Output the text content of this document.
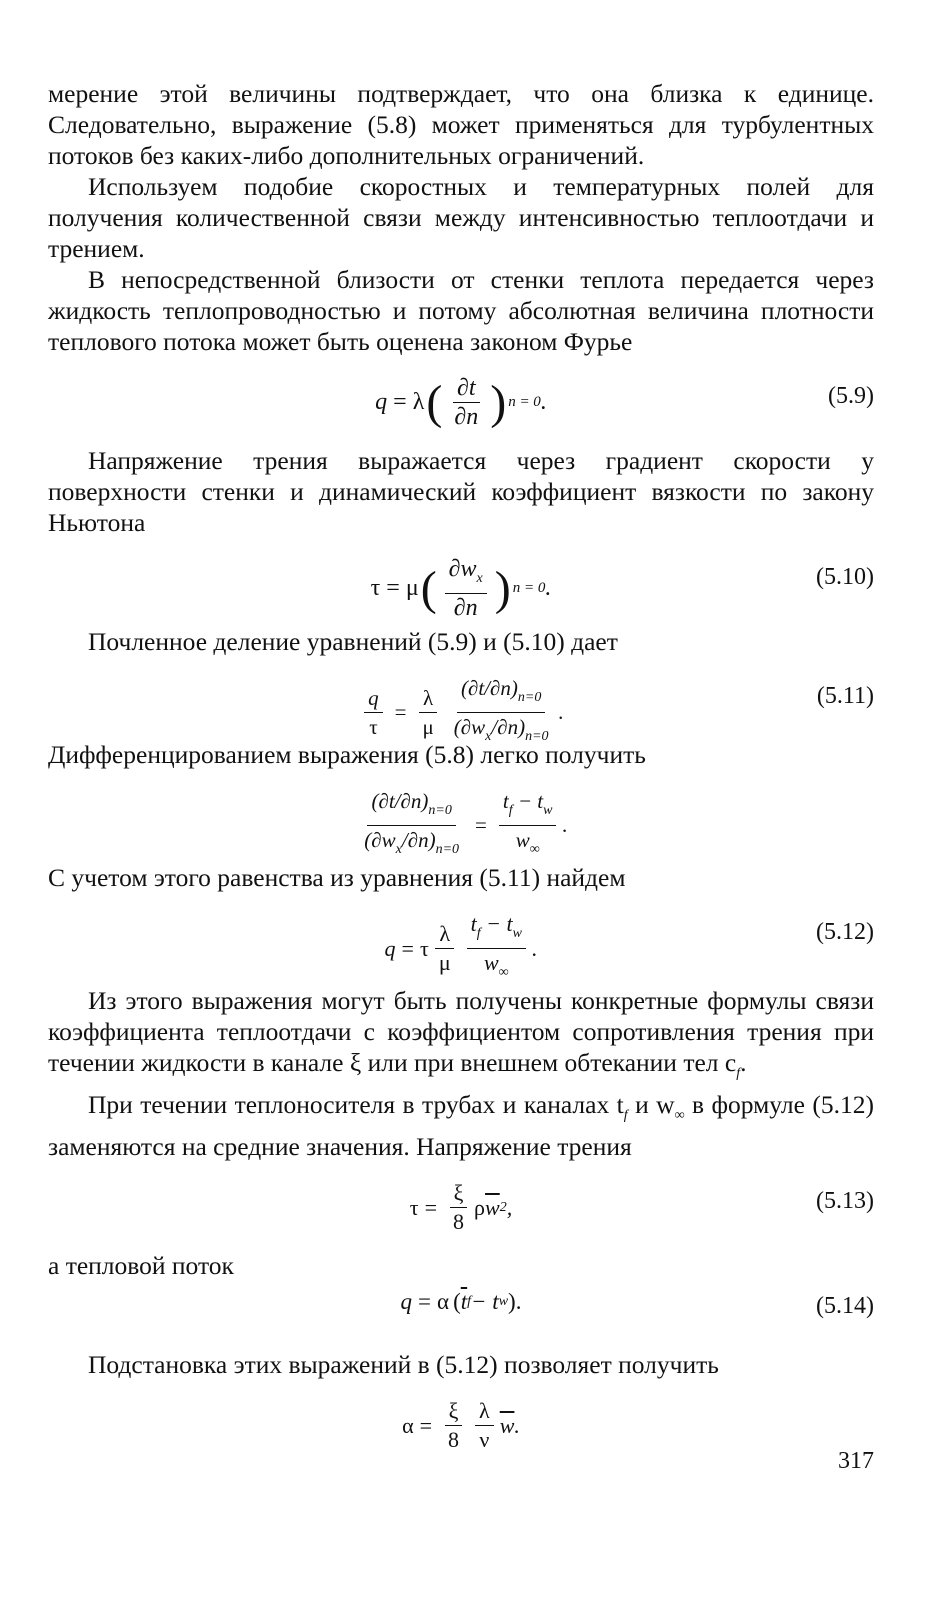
мерение этой величины подтверждает, что она близка к единице. Следовательно, выражение (5.8) может применяться для турбулентных потоков без каких-либо дополнительных ограничений.

Используем подобие скоростных и температурных полей для получения количественной связи между интенсивностью теплоотдачи и трением.

В непосредственной близости от стенки теплота передается через жидкость теплопроводностью и потому абсолютная величина плотности теплового потока может быть оценена законом Фурье

q = λ ( $\frac{\partial t}{\partial n}$ ) n = 0 .	(5.9)

Напряжение трения выражается через градиент скорости у поверхности стенки и динамический коэффициент вязкости по закону Ньютона

τ = μ ( $\frac{\partial w_x}{\partial n}$ ) n = 0 .	(5.10)

Почленное деление уравнений (5.9) и (5.10) дает

$\frac{q}{\tau} = \frac{\lambda}{\mu} \frac{(\partial t/\partial n)_{n=0}}{(\partial w_x/\partial n)_{n=0}}$ .
(5.11)

Дифференцированием выражения (5.8) легко получить

$\frac{(\partial t/\partial n)_{n=0}}{(\partial w_x/\partial n)_{n=0}} = \frac{t_f - t_w}{w_\infty}$ .

С учетом этого равенства из уравнения (5.11) найдем

q = τ $\frac{\lambda}{\mu} \frac{t_f - t_w}{w_\infty}$ .
(5.12)

Из этого выражения могут быть получены конкретные формулы связи коэффициента теплоотдачи с коэффициентом сопротивления трения при течении жидкости в канале ξ или при внешнем обтекании тел $c_f$.

При течении теплоносителя в трубах и каналах $t_f$ и $w_\infty$ в формуле (5.12) заменяются на средние значения. Напряжение трения

$\tau = \frac{\xi}{8}$ ρ $\overline{w}$ 2 ,	(5.13)

а тепловой поток

q = α ( $\overline{t}$ f − t w ).	(5.14)

Подстановка этих выражений в (5.12) позволяет получить

$\alpha = \frac{\xi}{8} \frac{\lambda}{\nu} \overline{w}$ .
317
